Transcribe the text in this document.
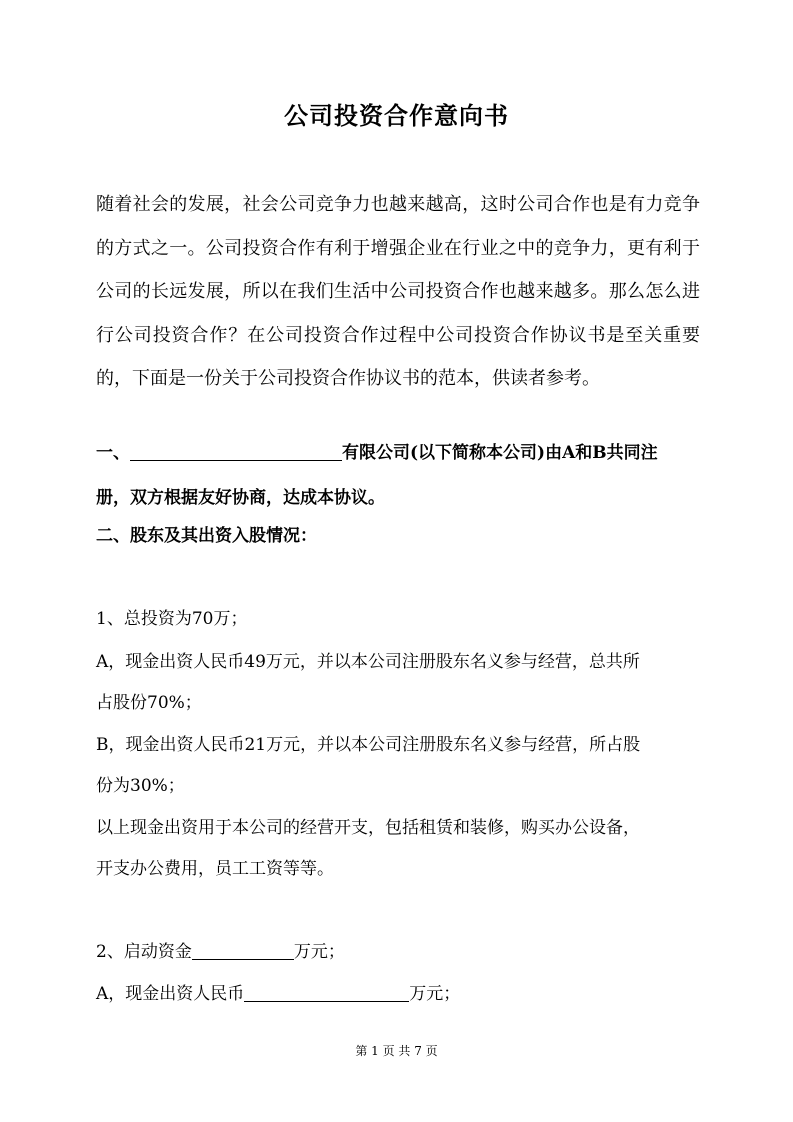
公司投资合作意向书

随着社会的发展，社会公司竞争力也越来越高，这时公司合作也是有力竞争的方式之一。公司投资合作有利于增强企业在行业之中的竞争力，更有利于公司的长远发展，所以在我们生活中公司投资合作也越来越多。那么怎么进行公司投资合作？在公司投资合作过程中公司投资合作协议书是至关重要的，下面是一份关于公司投资合作协议书的范本，供读者参考。

一、	有限公司(以下简称本公司)由A和B共同注

册，双方根据友好协商，达成本协议。

二、股东及其出资入股情况：

1、总投资为70万；

A，现金出资人民币49万元，并以本公司注册股东名义参与经营，总共所

占股份70%；

B，现金出资人民币21万元，并以本公司注册股东名义参与经营，所占股

份为30%；

以上现金出资用于本公司的经营开支，包括租赁和装修，购买办公设备，

开支办公费用，员工工资等等。

2、启动资金	万元；

A，现金出资人民币	万元；

第 1 页 共 7 页
